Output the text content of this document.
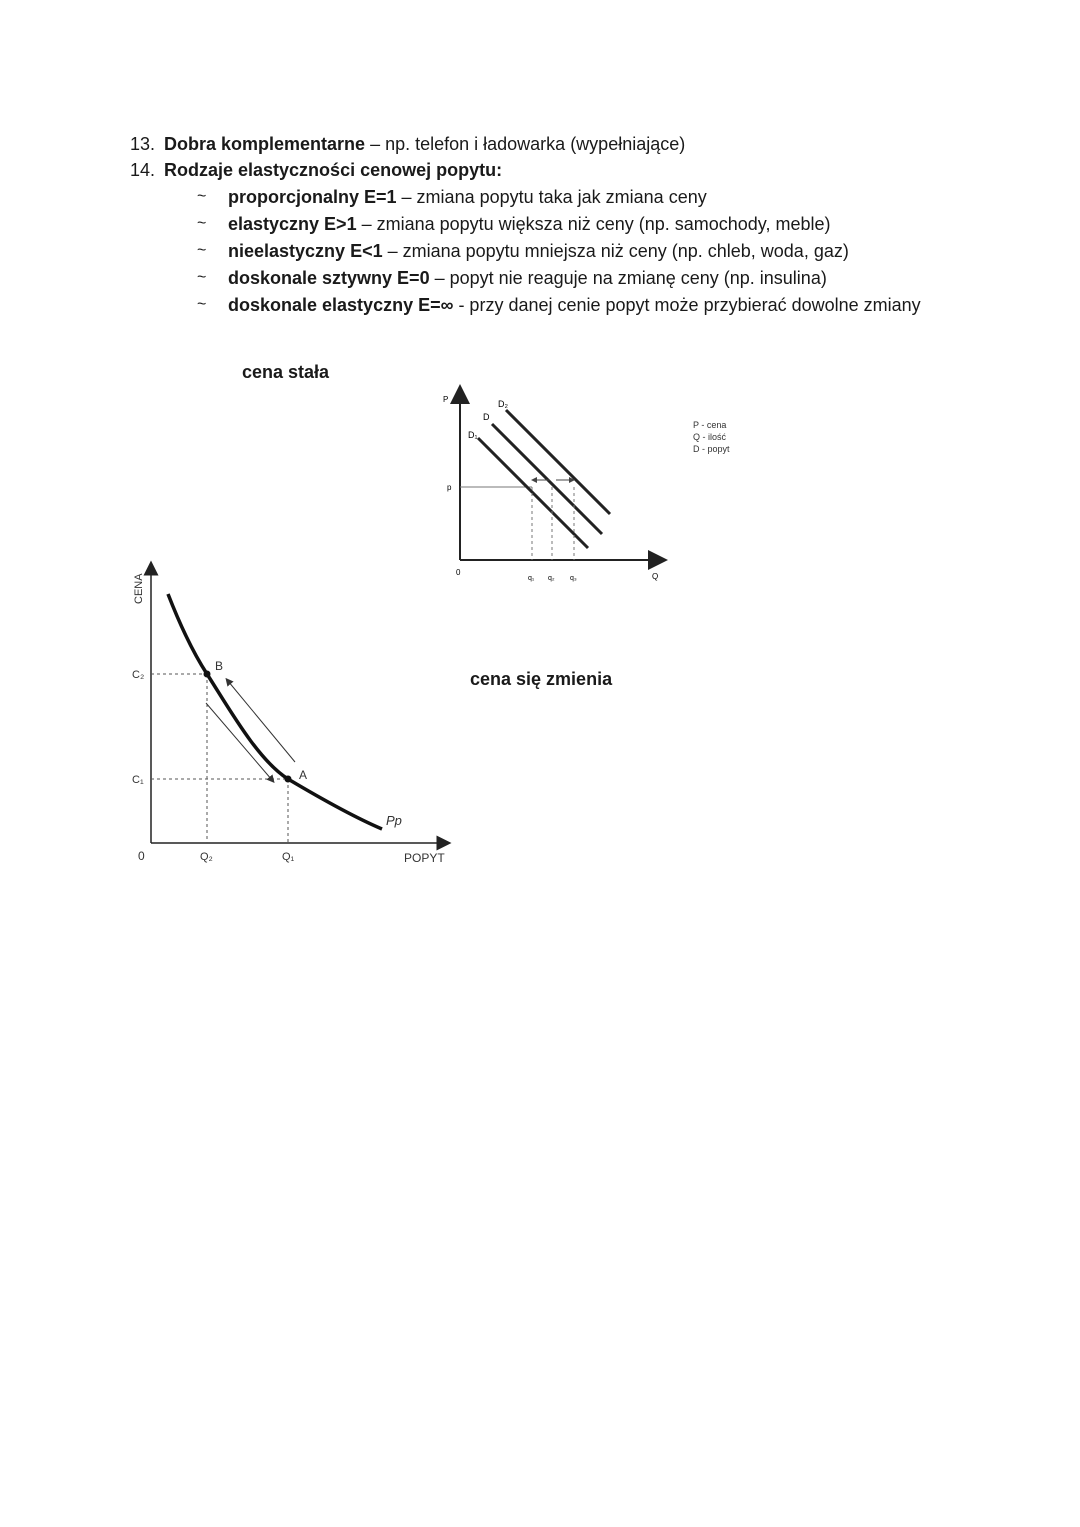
13. Dobra komplementarne – np. telefon i ładowarka (wypełniające)
14. Rodzaje elastyczności cenowej popytu:
~ proporcjonalny E=1 – zmiana popytu taka jak zmiana ceny
~ elastyczny E>1 – zmiana popytu większa niż ceny (np. samochody, meble)
~ nieelastyczny E<1 – zmiana popytu mniejsza niż ceny (np. chleb, woda, gaz)
~ doskonale sztywny E=0 – popyt nie reaguje na zmianę ceny (np. insulina)
~ doskonale elastyczny E=∞ - przy danej cenie popyt może przybierać dowolne zmiany
cena stała
cena się zmienia
P
Q
0
p
D₁
D
D₂
q₁ q₂ q₃
P - cena
Q - ilość
D - popyt
CENA
POPYT
0
C₂
C₁
B
A
Pp
Q₂	Q₁
